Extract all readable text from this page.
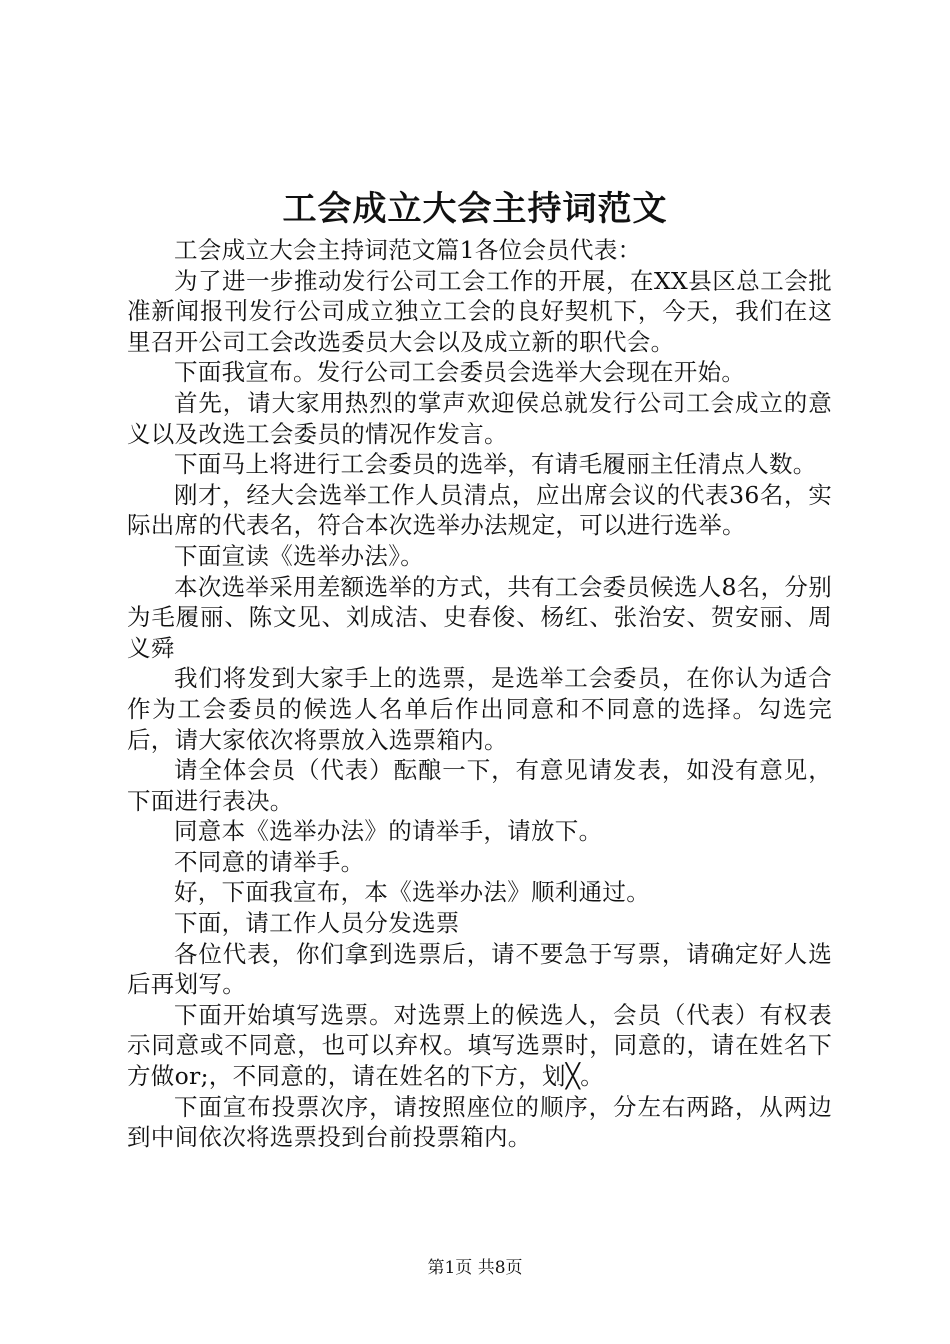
工会成立大会主持词范文

工会成立大会主持词范文篇1各位会员代表：

为了进一步推动发行公司工会工作的开展，在XX县区总工会批准新闻报刊发行公司成立独立工会的良好契机下，今天，我们在这里召开公司工会改选委员大会以及成立新的职代会。

下面我宣布。发行公司工会委员会选举大会现在开始。

首先，请大家用热烈的掌声欢迎侯总就发行公司工会成立的意义以及改选工会委员的情况作发言。

下面马上将进行工会委员的选举，有请毛履丽主任清点人数。

刚才，经大会选举工作人员清点，应出席会议的代表36名，实际出席的代表名，符合本次选举办法规定，可以进行选举。

下面宣读《选举办法》。

本次选举采用差额选举的方式，共有工会委员候选人8名，分别为毛履丽、陈文见、刘成洁、史春俊、杨红、张治安、贺安丽、周义舜

我们将发到大家手上的选票，是选举工会委员，在你认为适合作为工会委员的候选人名单后作出同意和不同意的选择。勾选完后，请大家依次将票放入选票箱内。

请全体会员（代表）酝酿一下，有意见请发表，如没有意见，下面进行表决。

同意本《选举办法》的请举手，请放下。

不同意的请举手。

好，下面我宣布，本《选举办法》顺利通过。

下面，请工作人员分发选票

各位代表，你们拿到选票后，请不要急于写票，请确定好人选后再划写。

下面开始填写选票。对选票上的候选人，会员（代表）有权表示同意或不同意，也可以弃权。填写选票时，同意的，请在姓名下方做or;，不同意的，请在姓名的下方，划╳。

下面宣布投票次序，请按照座位的顺序，分左右两路，从两边到中间依次将选票投到台前投票箱内。

第1页 共8页
